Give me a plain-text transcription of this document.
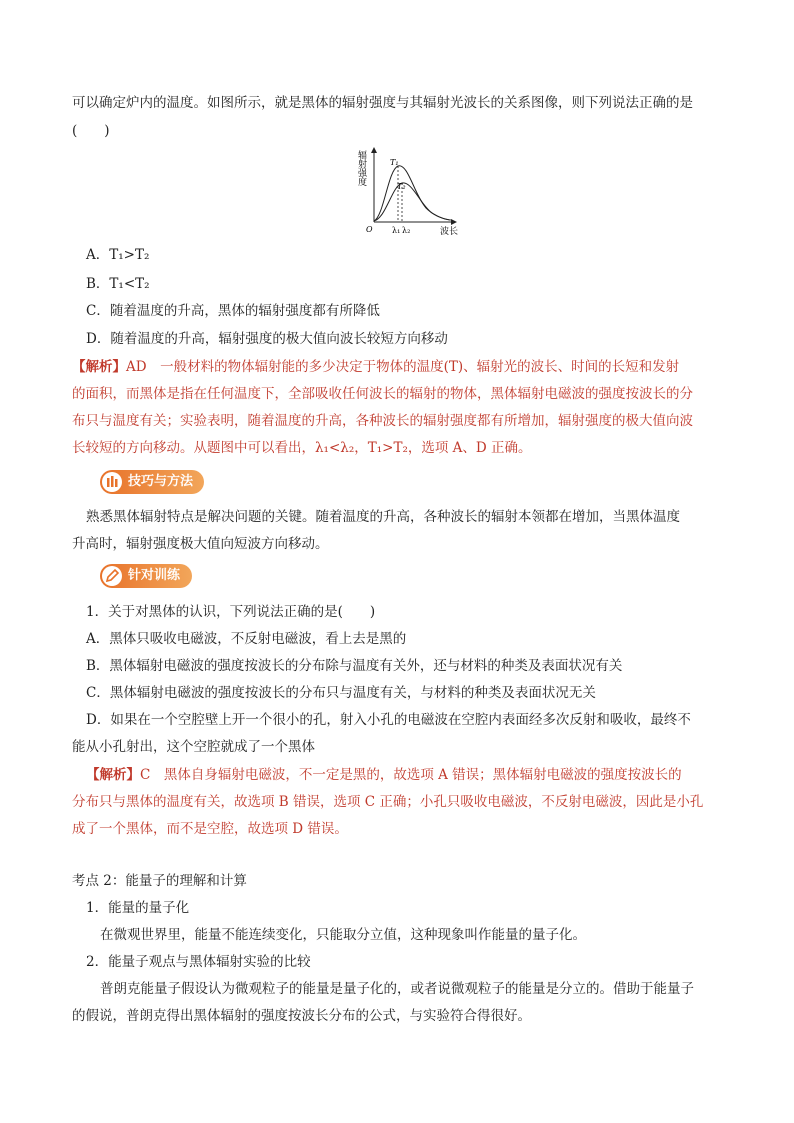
可以确定炉内的温度。如图所示，就是黑体的辐射强度与其辐射光波长的关系图像，则下列说法正确的是
(　　)
辐射强度	T₁
T₂
O λ₁ λ₂	波长
A．T₁>T₂
B．T₁<T₂
C．随着温度的升高，黑体的辐射强度都有所降低
D．随着温度的升高，辐射强度的极大值向波长较短方向移动
【解析】AD　一般材料的物体辐射能的多少决定于物体的温度(T)、辐射光的波长、时间的长短和发射
的面积，而黑体是指在任何温度下，全部吸收任何波长的辐射的物体，黑体辐射电磁波的强度按波长的分
布只与温度有关；实验表明，随着温度的升高，各种波长的辐射强度都有所增加，辐射强度的极大值向波
长较短的方向移动。从题图中可以看出，λ₁<λ₂，T₁>T₂，选项 A、D 正确。
技巧与方法
熟悉黑体辐射特点是解决问题的关键。随着温度的升高，各种波长的辐射本领都在增加，当黑体温度
升高时，辐射强度极大值向短波方向移动。
针对训练
1．关于对黑体的认识，下列说法正确的是(　　)
A．黑体只吸收电磁波，不反射电磁波，看上去是黑的
B．黑体辐射电磁波的强度按波长的分布除与温度有关外，还与材料的种类及表面状况有关
C．黑体辐射电磁波的强度按波长的分布只与温度有关，与材料的种类及表面状况无关
D．如果在一个空腔壁上开一个很小的孔，射入小孔的电磁波在空腔内表面经多次反射和吸收，最终不
能从小孔射出，这个空腔就成了一个黑体
【解析】C　黑体自身辐射电磁波，不一定是黑的，故选项 A 错误；黑体辐射电磁波的强度按波长的
分布只与黑体的温度有关，故选项 B 错误，选项 C 正确；小孔只吸收电磁波，不反射电磁波，因此是小孔
成了一个黑体，而不是空腔，故选项 D 错误。
考点 2：能量子的理解和计算
1．能量的量子化
在微观世界里，能量不能连续变化，只能取分立值，这种现象叫作能量的量子化。
2．能量子观点与黑体辐射实验的比较
普朗克能量子假设认为微观粒子的能量是量子化的，或者说微观粒子的能量是分立的。借助于能量子
的假说，普朗克得出黑体辐射的强度按波长分布的公式，与实验符合得很好。
